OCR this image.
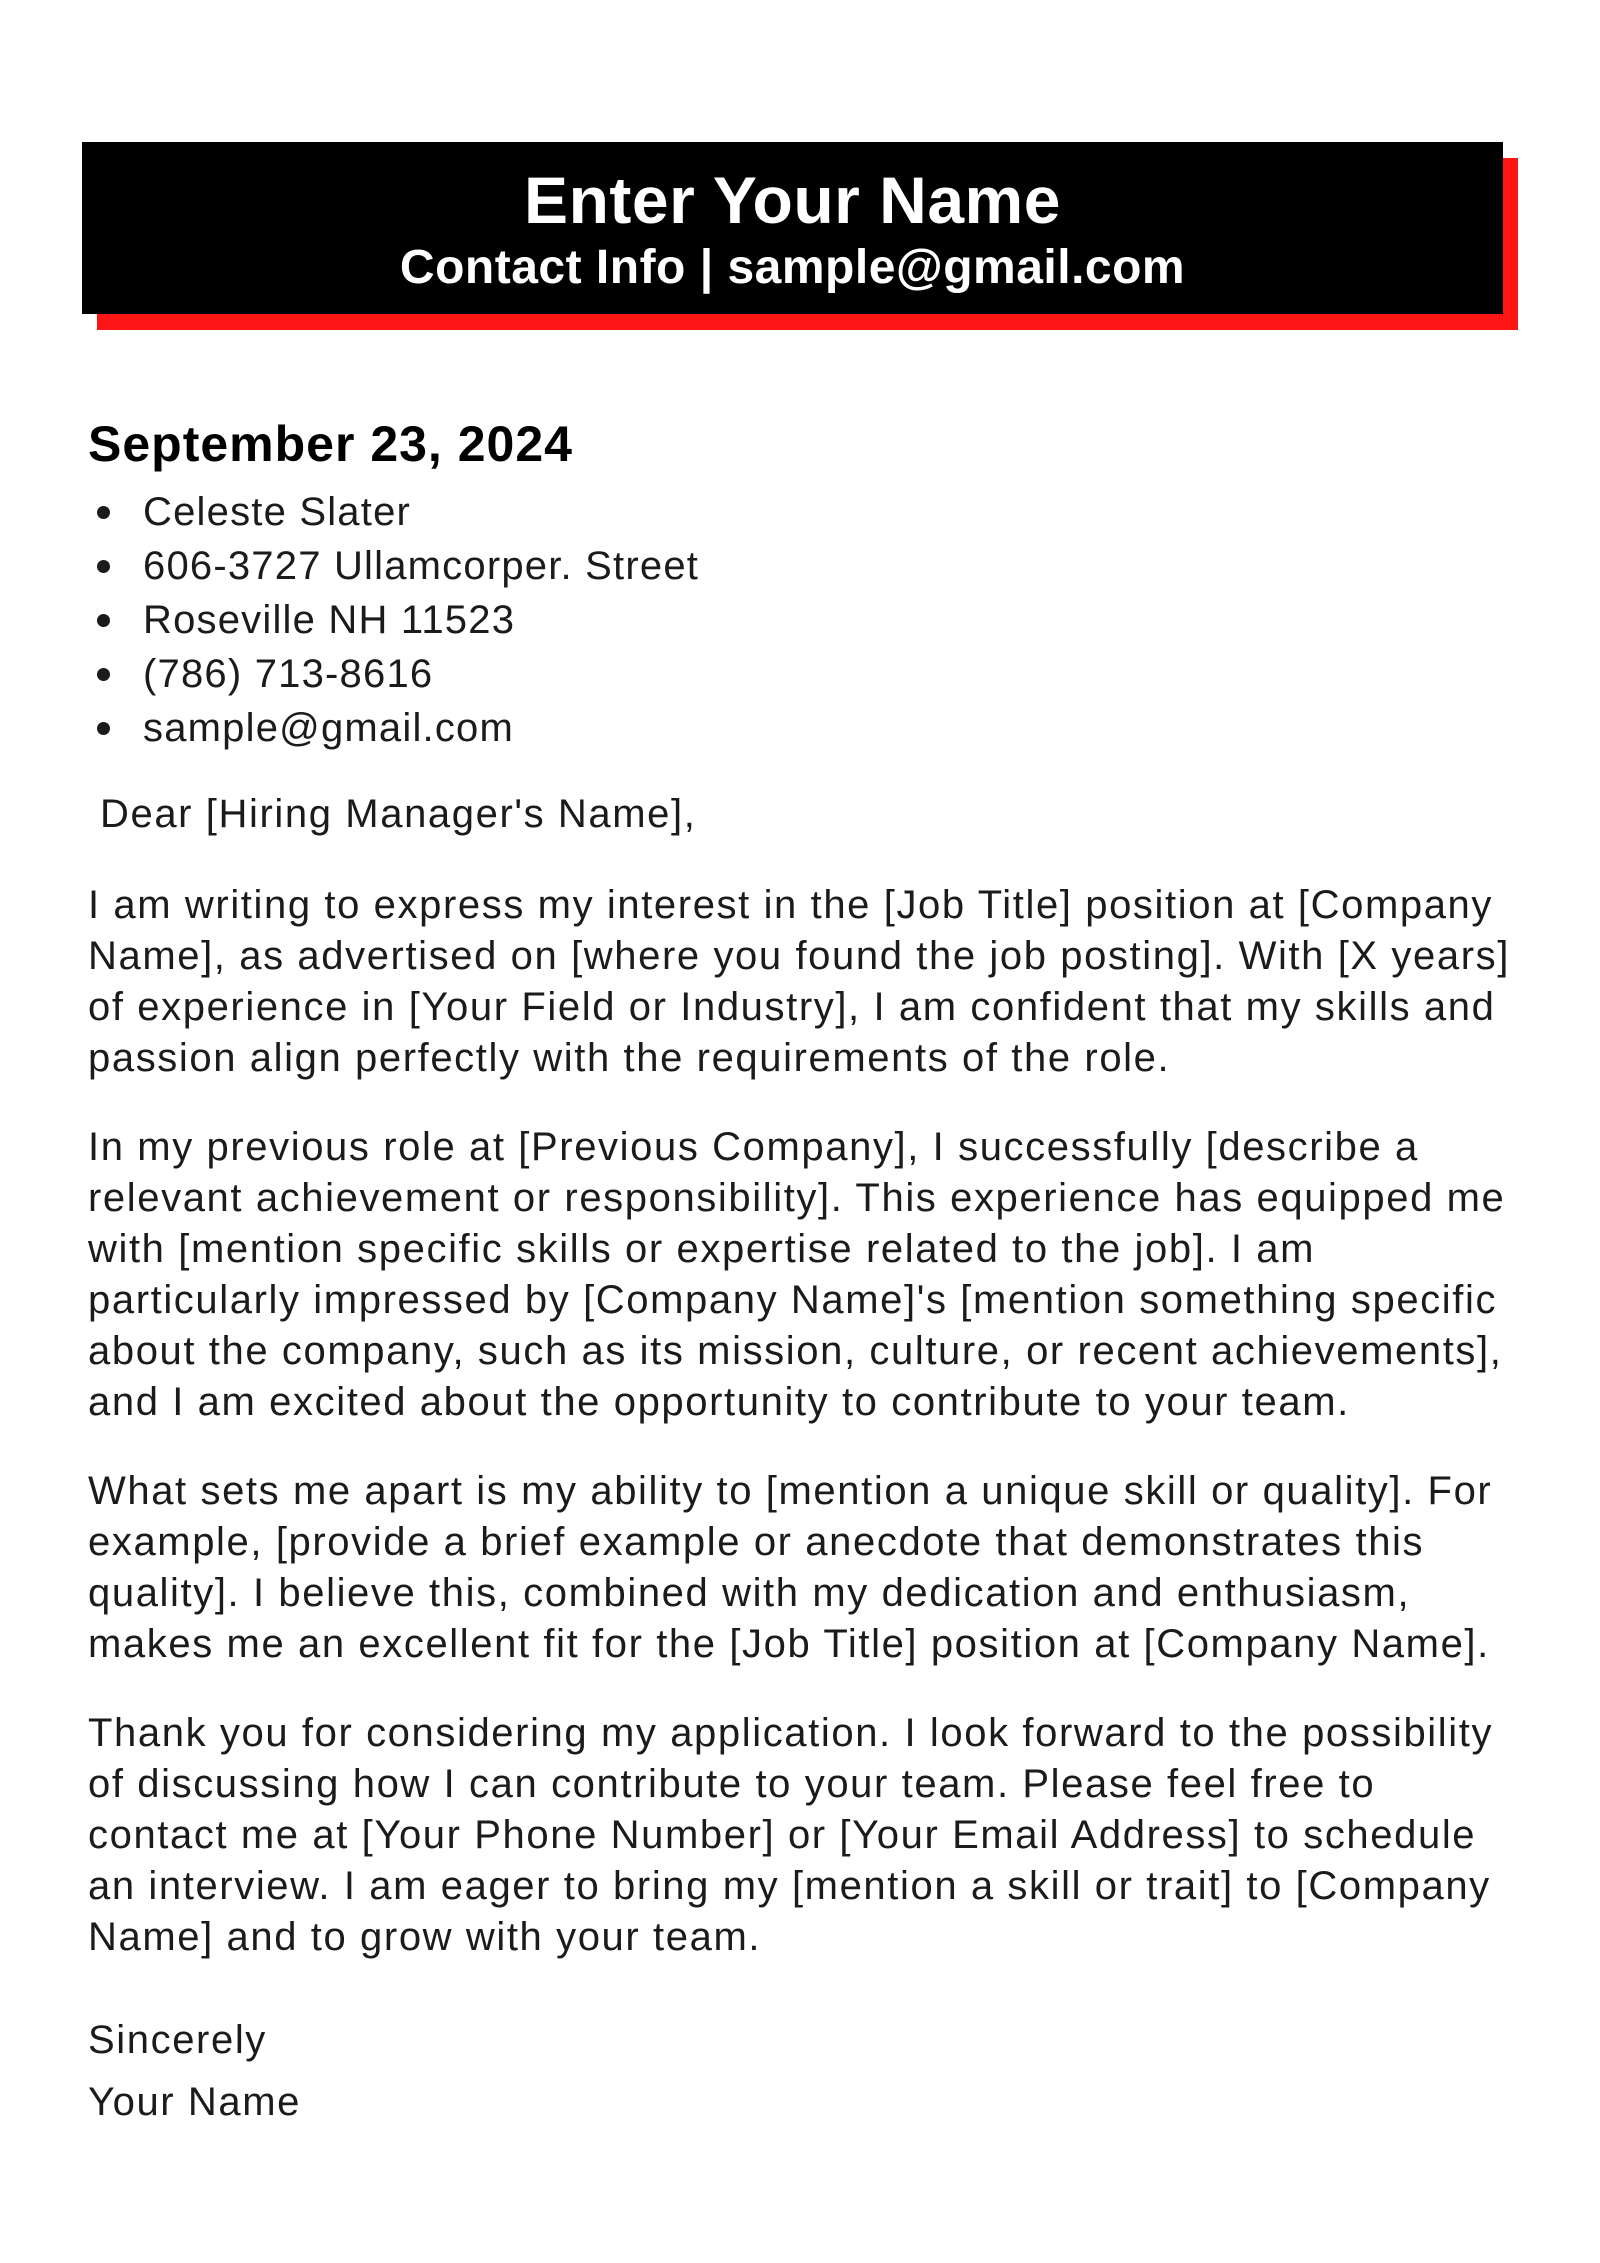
Enter Your Name
Contact Info | sample@gmail.com
September 23, 2024
Celeste Slater
606-3727 Ullamcorper. Street
Roseville NH 11523
(786) 713-8616
sample@gmail.com
Dear [Hiring Manager's Name],

I am writing to express my interest in the [Job Title] position at [Company Name], as advertised on [where you found the job posting]. With [X years] of experience in [Your Field or Industry], I am confident that my skills and passion align perfectly with the requirements of the role.

In my previous role at [Previous Company], I successfully [describe a relevant achievement or responsibility]. This experience has equipped me with [mention specific skills or expertise related to the job]. I am particularly impressed by [Company Name]'s [mention something specific about the company, such as its mission, culture, or recent achievements], and I am excited about the opportunity to contribute to your team.

What sets me apart is my ability to [mention a unique skill or quality]. For example, [provide a brief example or anecdote that demonstrates this quality]. I believe this, combined with my dedication and enthusiasm, makes me an excellent fit for the [Job Title] position at [Company Name].

Thank you for considering my application. I look forward to the possibility of discussing how I can contribute to your team. Please feel free to contact me at [Your Phone Number] or [Your Email Address] to schedule an interview. I am eager to bring my [mention a skill or trait] to [Company Name] and to grow with your team.

Sincerely
Your Name
